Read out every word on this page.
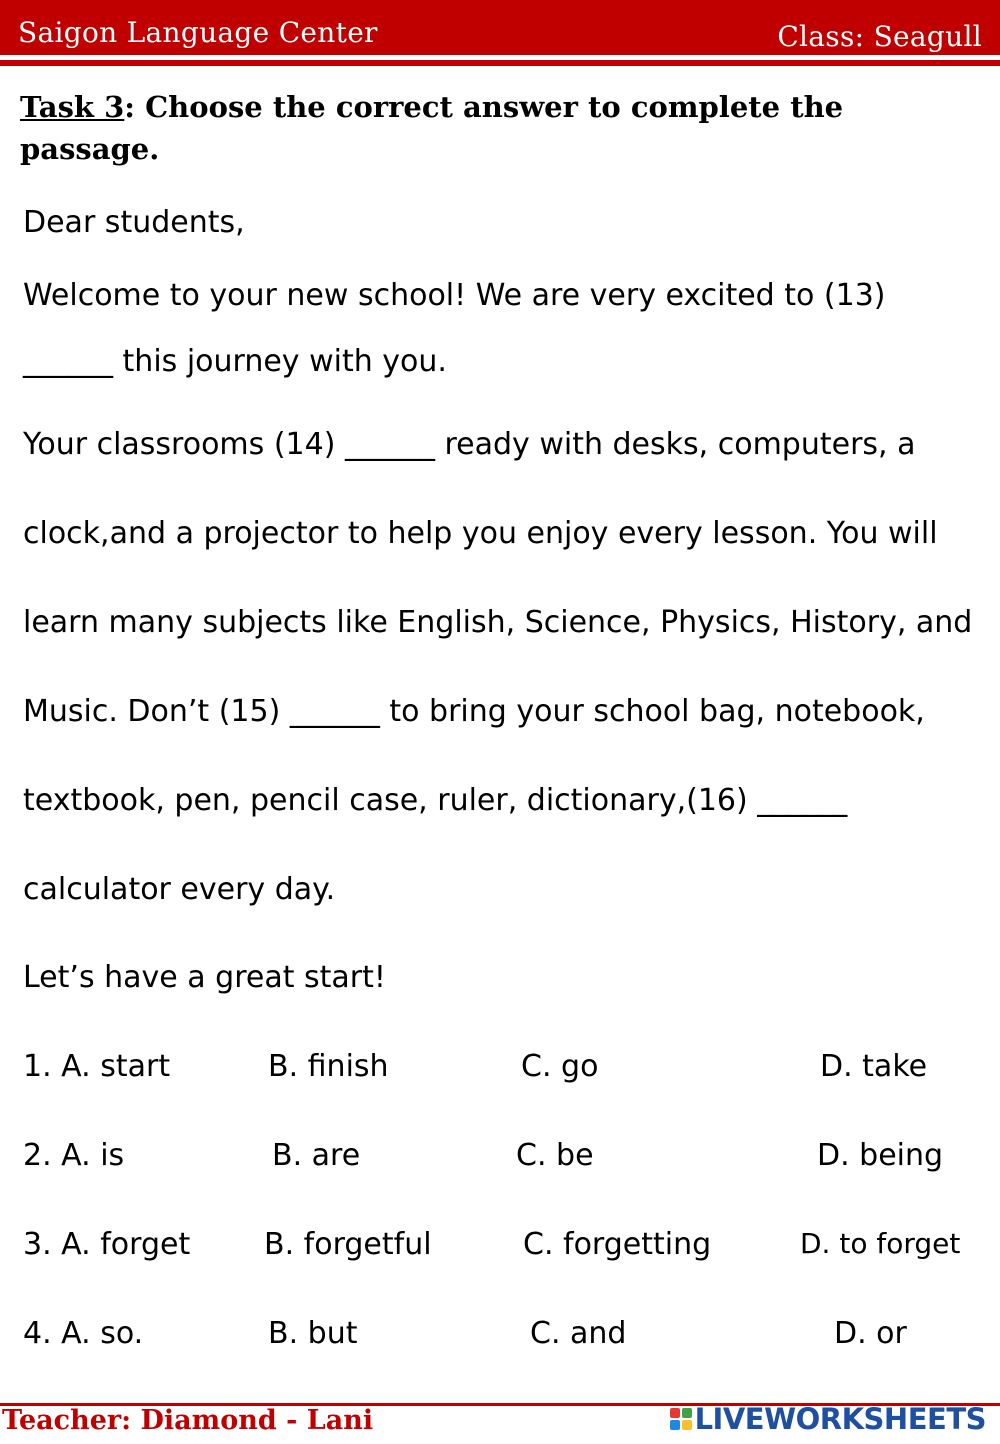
Saigon Language Center	Class: Seagull
Task 3: Choose the correct answer to complete the passage.
Dear students,
Welcome to your new school! We are very excited to (13)
______ this journey with you.
Your classrooms (14) ______ ready with desks, computers, a
clock,and a projector to help you enjoy every lesson. You will
learn many subjects like English, Science, Physics, History, and
Music. Don’t (15) ______ to bring your school bag, notebook,
textbook, pen, pencil case, ruler, dictionary,(16) ______
calculator every day.
Let’s have a great start!
1. A. start	B. finish	C. go	D. take
2. A. is	B. are	C. be	D. being
3. A. forget B. forgetful	C. forgetting	D. to forget
4. A. so.	B. but	C. and	D. or
Teacher: Diamond - Lani	LIVEWORKSHEETS
